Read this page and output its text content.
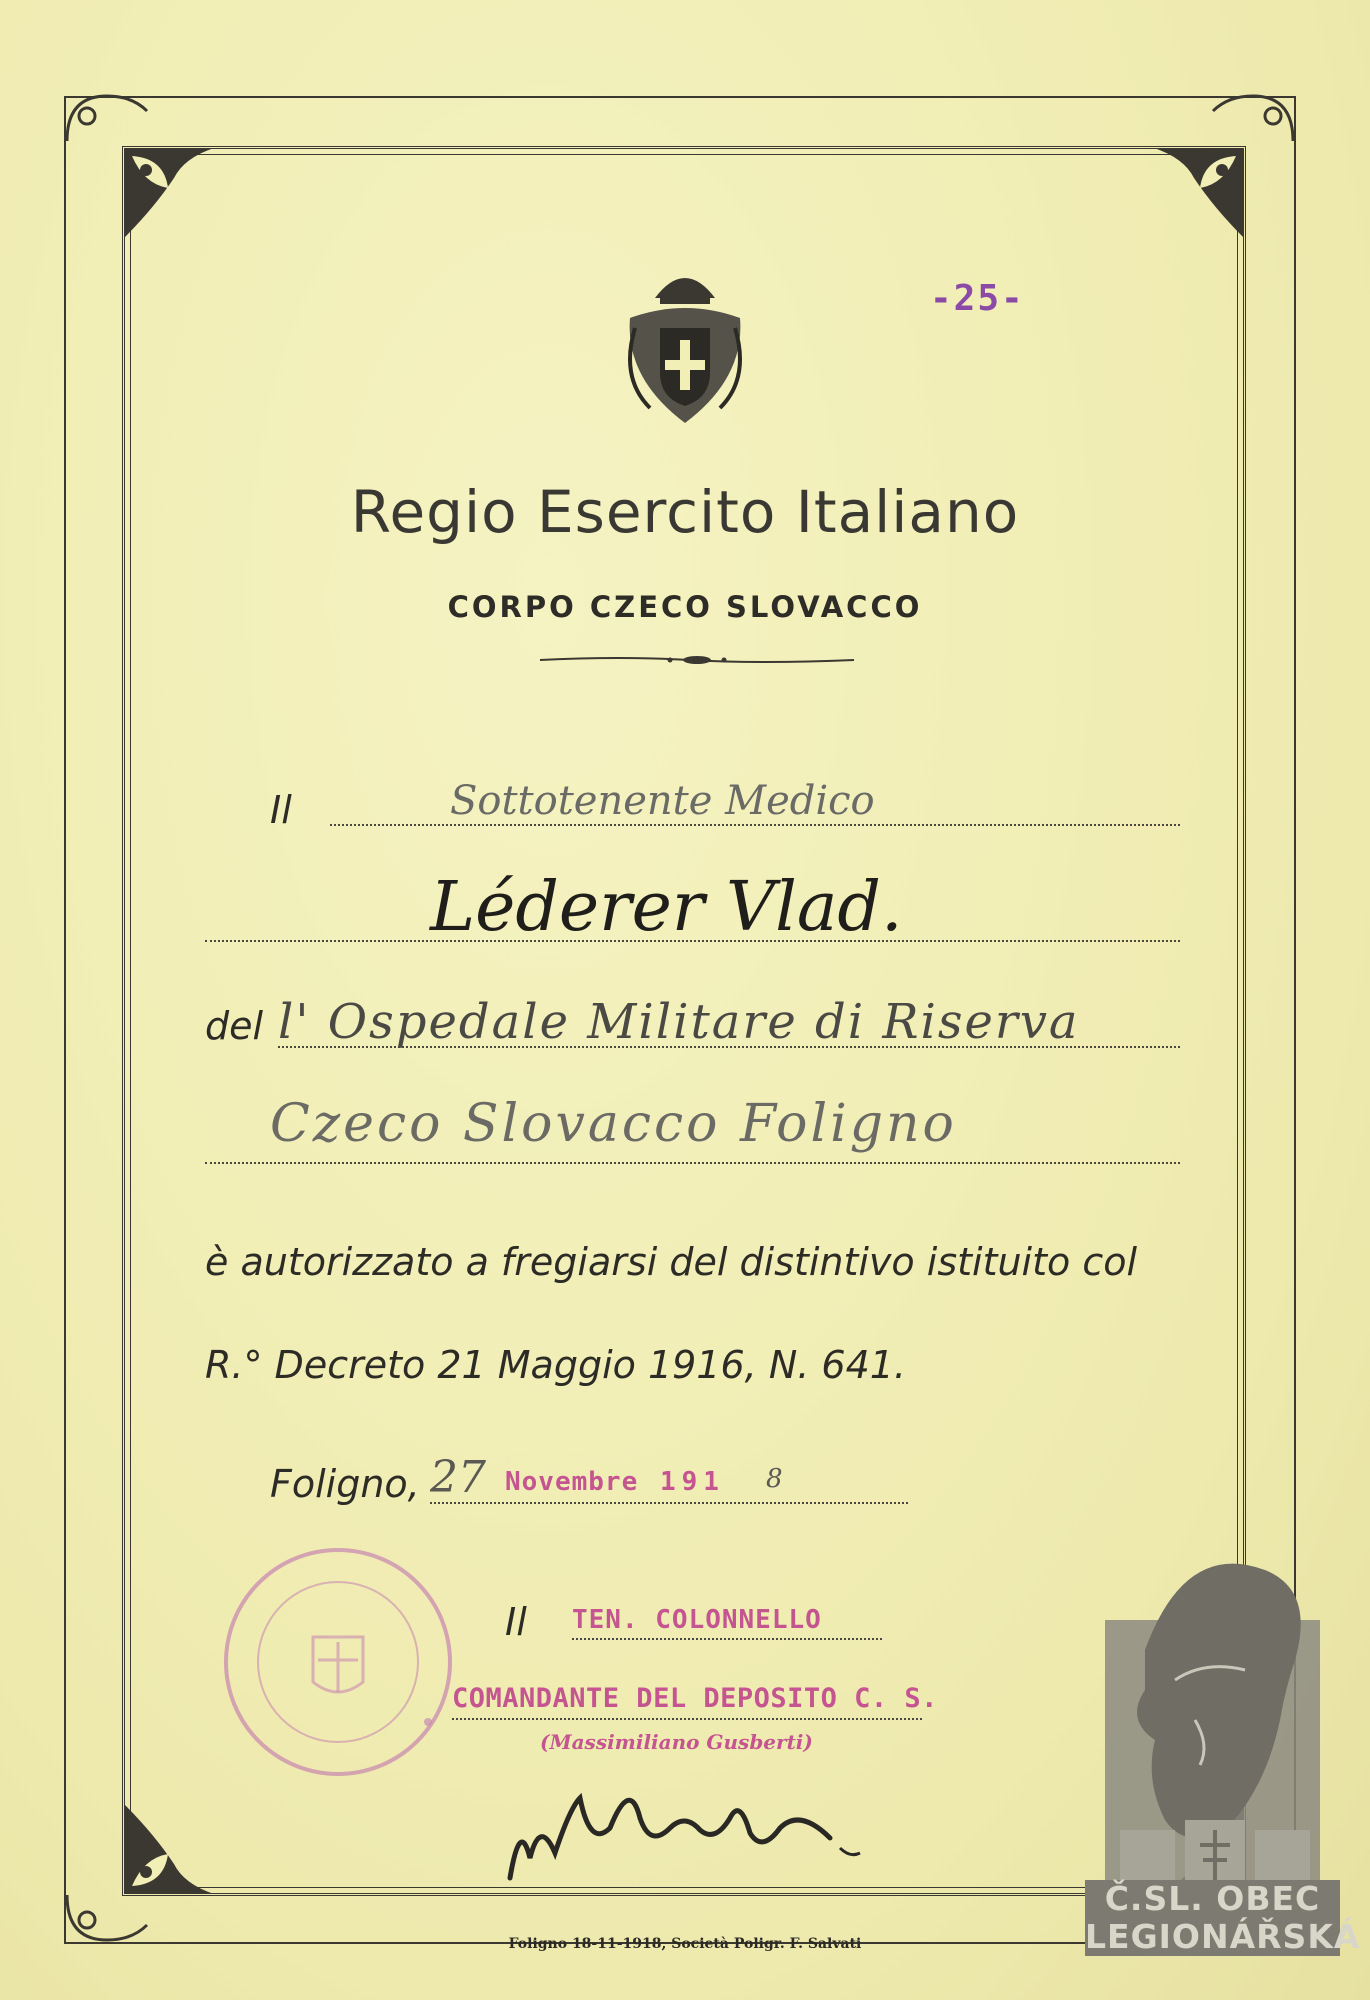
-25-
Regio Esercito Italiano
CORPO CZECO SLOVACCO
Il	Sottotenente Medico
Léderer Vlad.
del l' Ospedale Militare di Riserva
Czeco Slovacco Foligno
è autorizzato a fregiarsi del distintivo istituito col
R.° Decreto 21 Maggio 1916, N. 641.
Foligno, 27 Novembre 191 8
Il TEN. COLONNELLO
COMANDANTE DEL DEPOSITO C. S.
(Massimiliano Gusberti)
Foligno 18-11-1918, Società Poligr. F. Salvati
Č.SL. OBEC
LEGIONÁŘSKÁ
